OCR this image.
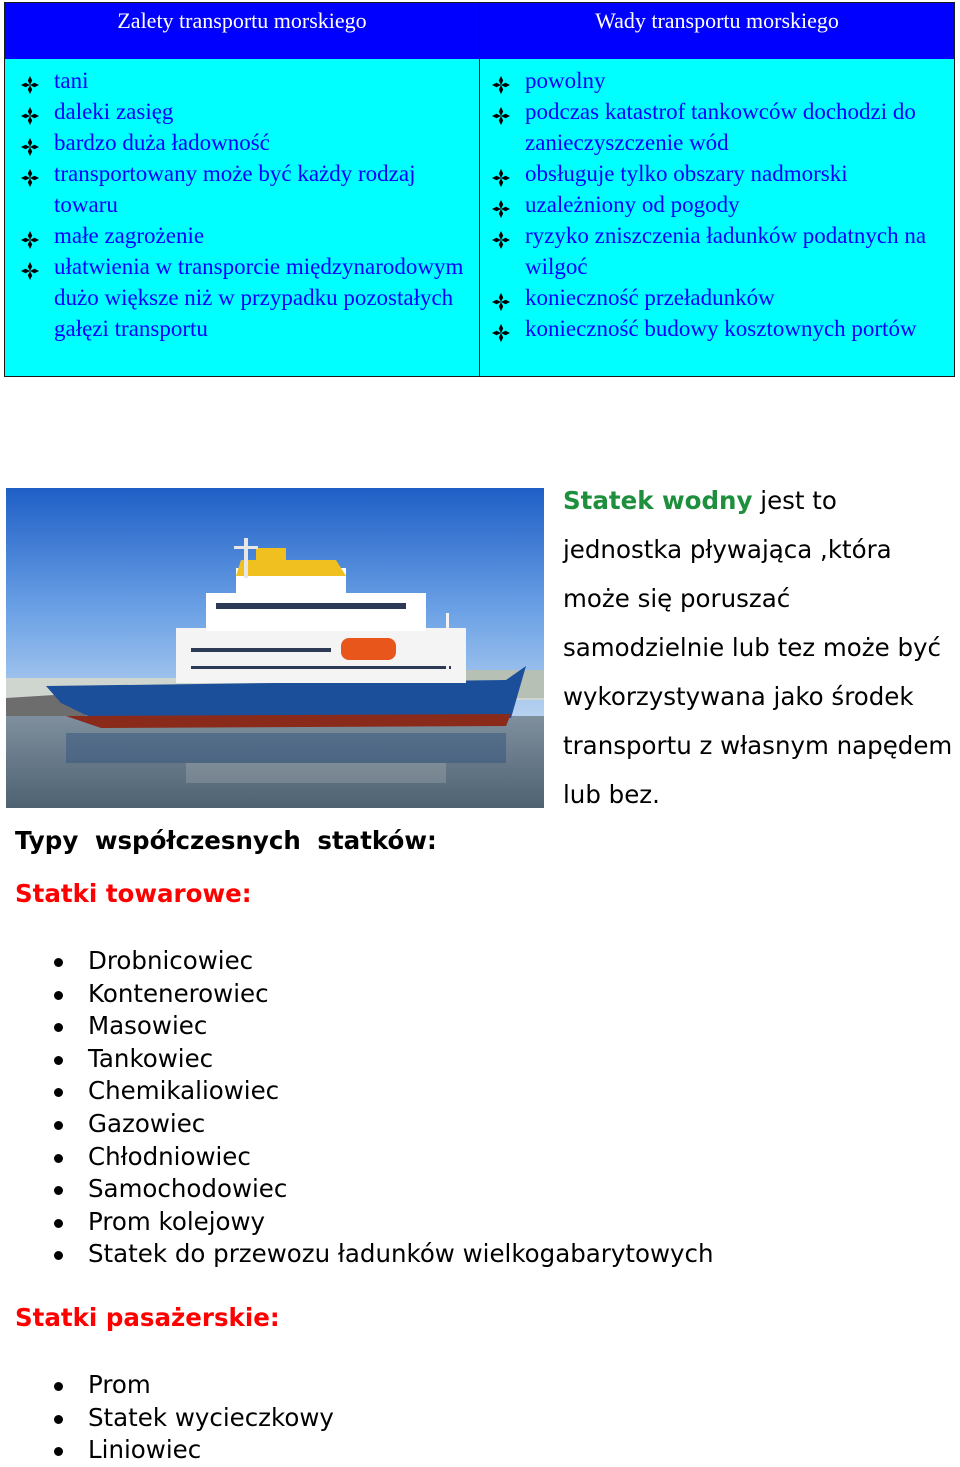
Zalety transportu morskiego	Wady transportu morskiego
tani
daleki zasięg
bardzo duża ładowność
transportowany może być każdy rodzaj towaru
małe zagrożenie
ułatwienia w transporcie międzynarodowym dużo większe niż w przypadku pozostałych gałęzi transportu
powolny
podczas katastrof tankowców dochodzi do zanieczyszczenie wód
obsługuje tylko obszary nadmorski
uzależniony od pogody
ryzyko zniszczenia ładunków podatnych na wilgoć
konieczność przeładunków
konieczność budowy kosztownych portów
Statek wodny jest to jednostka pływająca ,która może się poruszać samodzielnie lub tez może być wykorzystywana jako środek transportu z własnym napędem lub bez.
Typy współczesnych statków:
Statki towarowe:
Drobnicowiec
Kontenerowiec
Masowiec
Tankowiec
Chemikaliowiec
Gazowiec
Chłodniowiec
Samochodowiec
Prom kolejowy
Statek do przewozu ładunków wielkogabarytowych
Statki pasażerskie:
Prom
Statek wycieczkowy
Liniowiec
